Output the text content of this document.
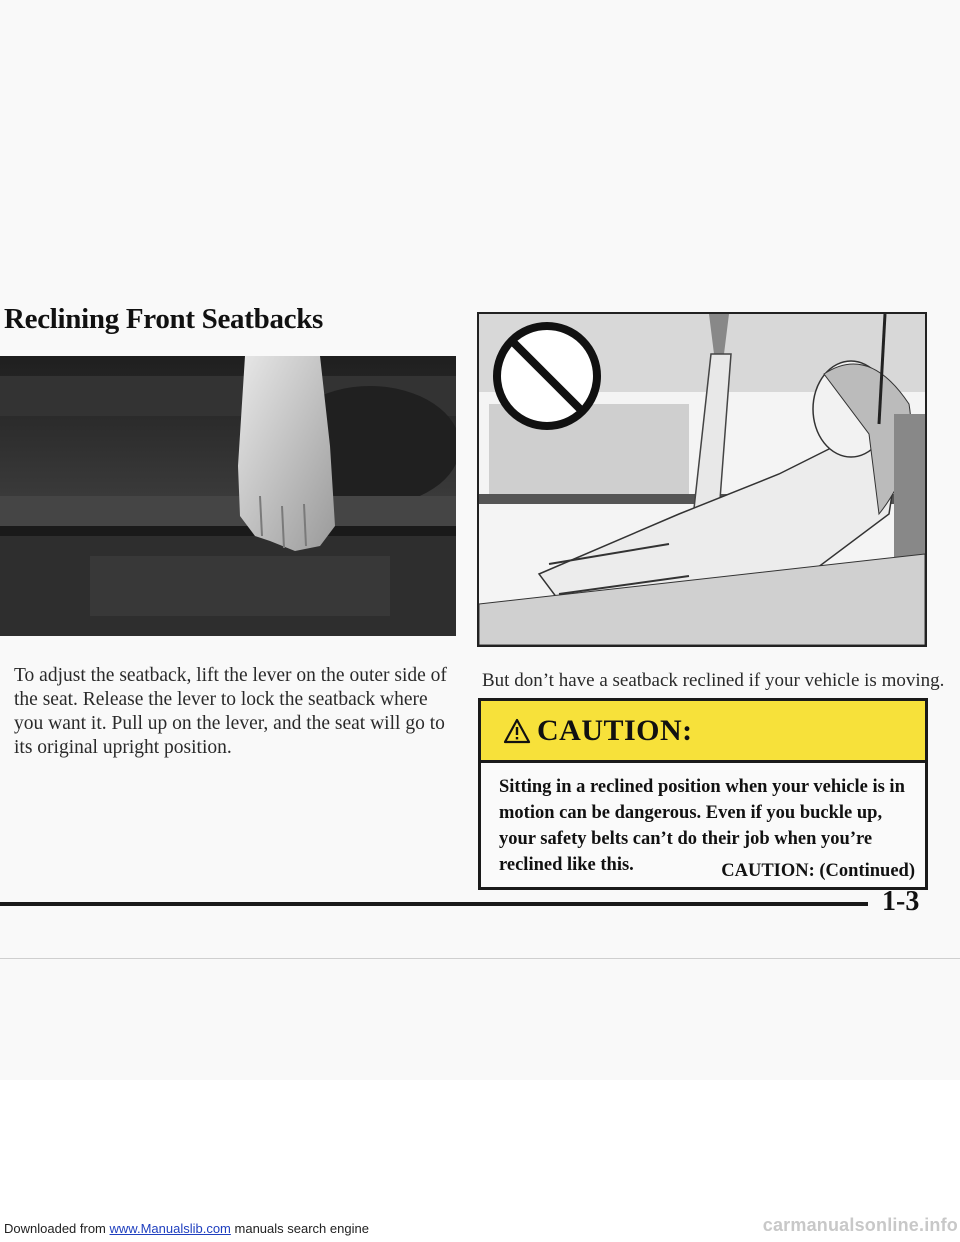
Reclining Front Seatbacks
To adjust the seatback, lift the lever on the outer side of the seat. Release the lever to lock the seatback where you want it. Pull up on the lever, and the seat will go to its original upright position.
But don’t have a seatback reclined if your vehicle is moving.
CAUTION:
Sitting in a reclined position when your vehicle is in motion can be dangerous. Even if you buckle up, your safety belts can’t do their job when you’re reclined like this.	CAUTION: (Continued)
1-3
Downloaded from www.Manualslib.com manuals search engine	carmanualsonline.info
